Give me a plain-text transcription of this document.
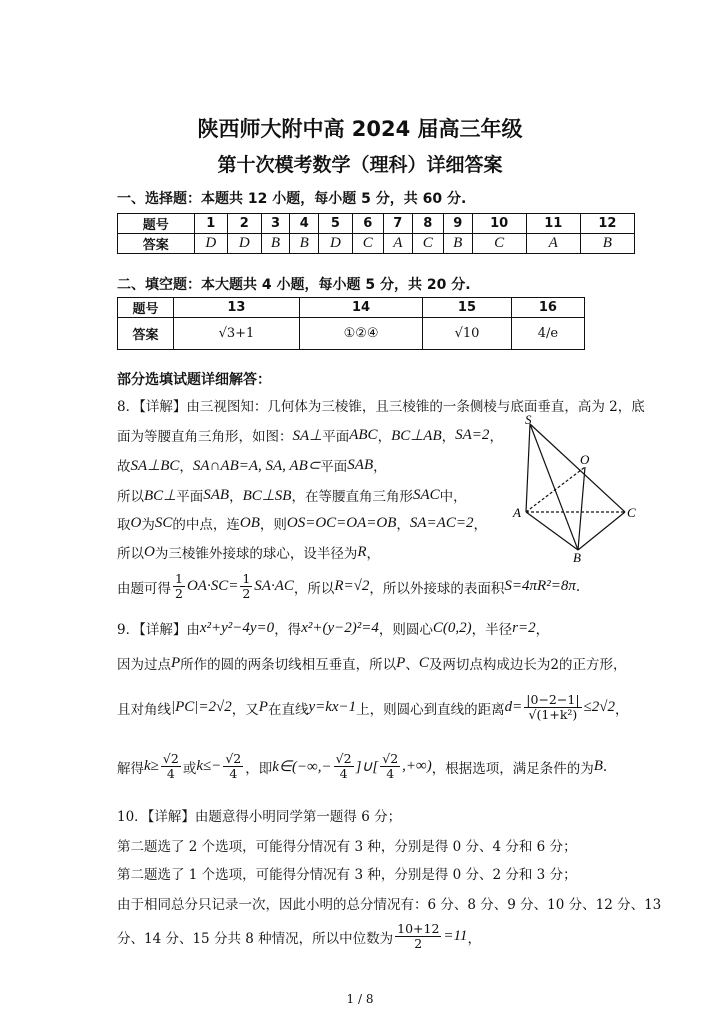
陕西师大附中高 2024 届高三年级
第十次模考数学（理科）详细答案
一、选择题：本题共 12 小题，每小题 5 分，共 60 分.
题号	1	2	3	4	5	6	7	8	9	10	11	12
答案	D	D	B	B	D	C	A	C	B	C	A	B
二、填空题：本大题共 4 小题，每小题 5 分，共 20 分.
题号	13	14	15	16
答案	√3+1	①②④	√10	4/e
部分选填试题详细解答：
8．【详解】由三视图知：几何体为三棱锥，且三棱锥的一条侧棱与底面垂直，高为 2，底
面为等腰直角三角形，如图： SA⊥ 平面 ABC ， BC⊥AB ， SA=2 ，
故 SA⊥BC ， SA∩AB=A, SA, AB⊂ 平面 SAB ，
所以 BC⊥ 平面 SAB ， BC⊥SB ，在等腰直角三角形 SAC 中，
取 O 为 SC 的中点，连 OB ，则 OS=OC=OA=OB ， SA=AC=2 ，
所以 O 为三棱锥外接球的球心，设半径为 R ，
由题可得 $\frac{1}{2} OA\cdot SC= \frac{1}{2} SA\cdot AC$ ，所以 R=√2 ，所以外接球的表面积 S=4πR²=8π .
9．【详解】由 x²+y²−4y=0 ，得 x²+(y−2)²=4 ，则圆心 C(0,2) ，半径 r=2 ，
因为过点 P 所作的圆的两条切线相互垂直，所以 P 、 C 及两切点构成边长为2的正方形，
且对角线 |PC|=2√2 ，又 P 在直线 y=kx−1 上，则圆心到直线的距离 $d= \frac{|0-2-1|}{\text{√(1+k²)}} \le 2√2$ ，
解得 $k\ge \frac{√2}{4}$ 或 $k\le- \frac{√2}{4}$ ，即 k∈(−∞,− $\frac{√2}{4}$ ]∪[ $\frac{√2}{4}$ ,+∞) ，根据选项，满足条件的为 B .
10．【详解】由题意得小明同学第一题得 6 分；
第二题选了 2 个选项，可能得分情况有 3 种，分别是得 0 分、4 分和 6 分；
第二题选了 1 个选项，可能得分情况有 3 种，分别是得 0 分、2 分和 3 分；
由于相同总分只记录一次，因此小明的总分情况有：6 分、8 分、9 分、10 分、12 分、13
分、14 分、15 分共 8 种情况，所以中位数为 $\frac{10+12}{2} =11$ ，
S
O
A	C
B
1 / 8
